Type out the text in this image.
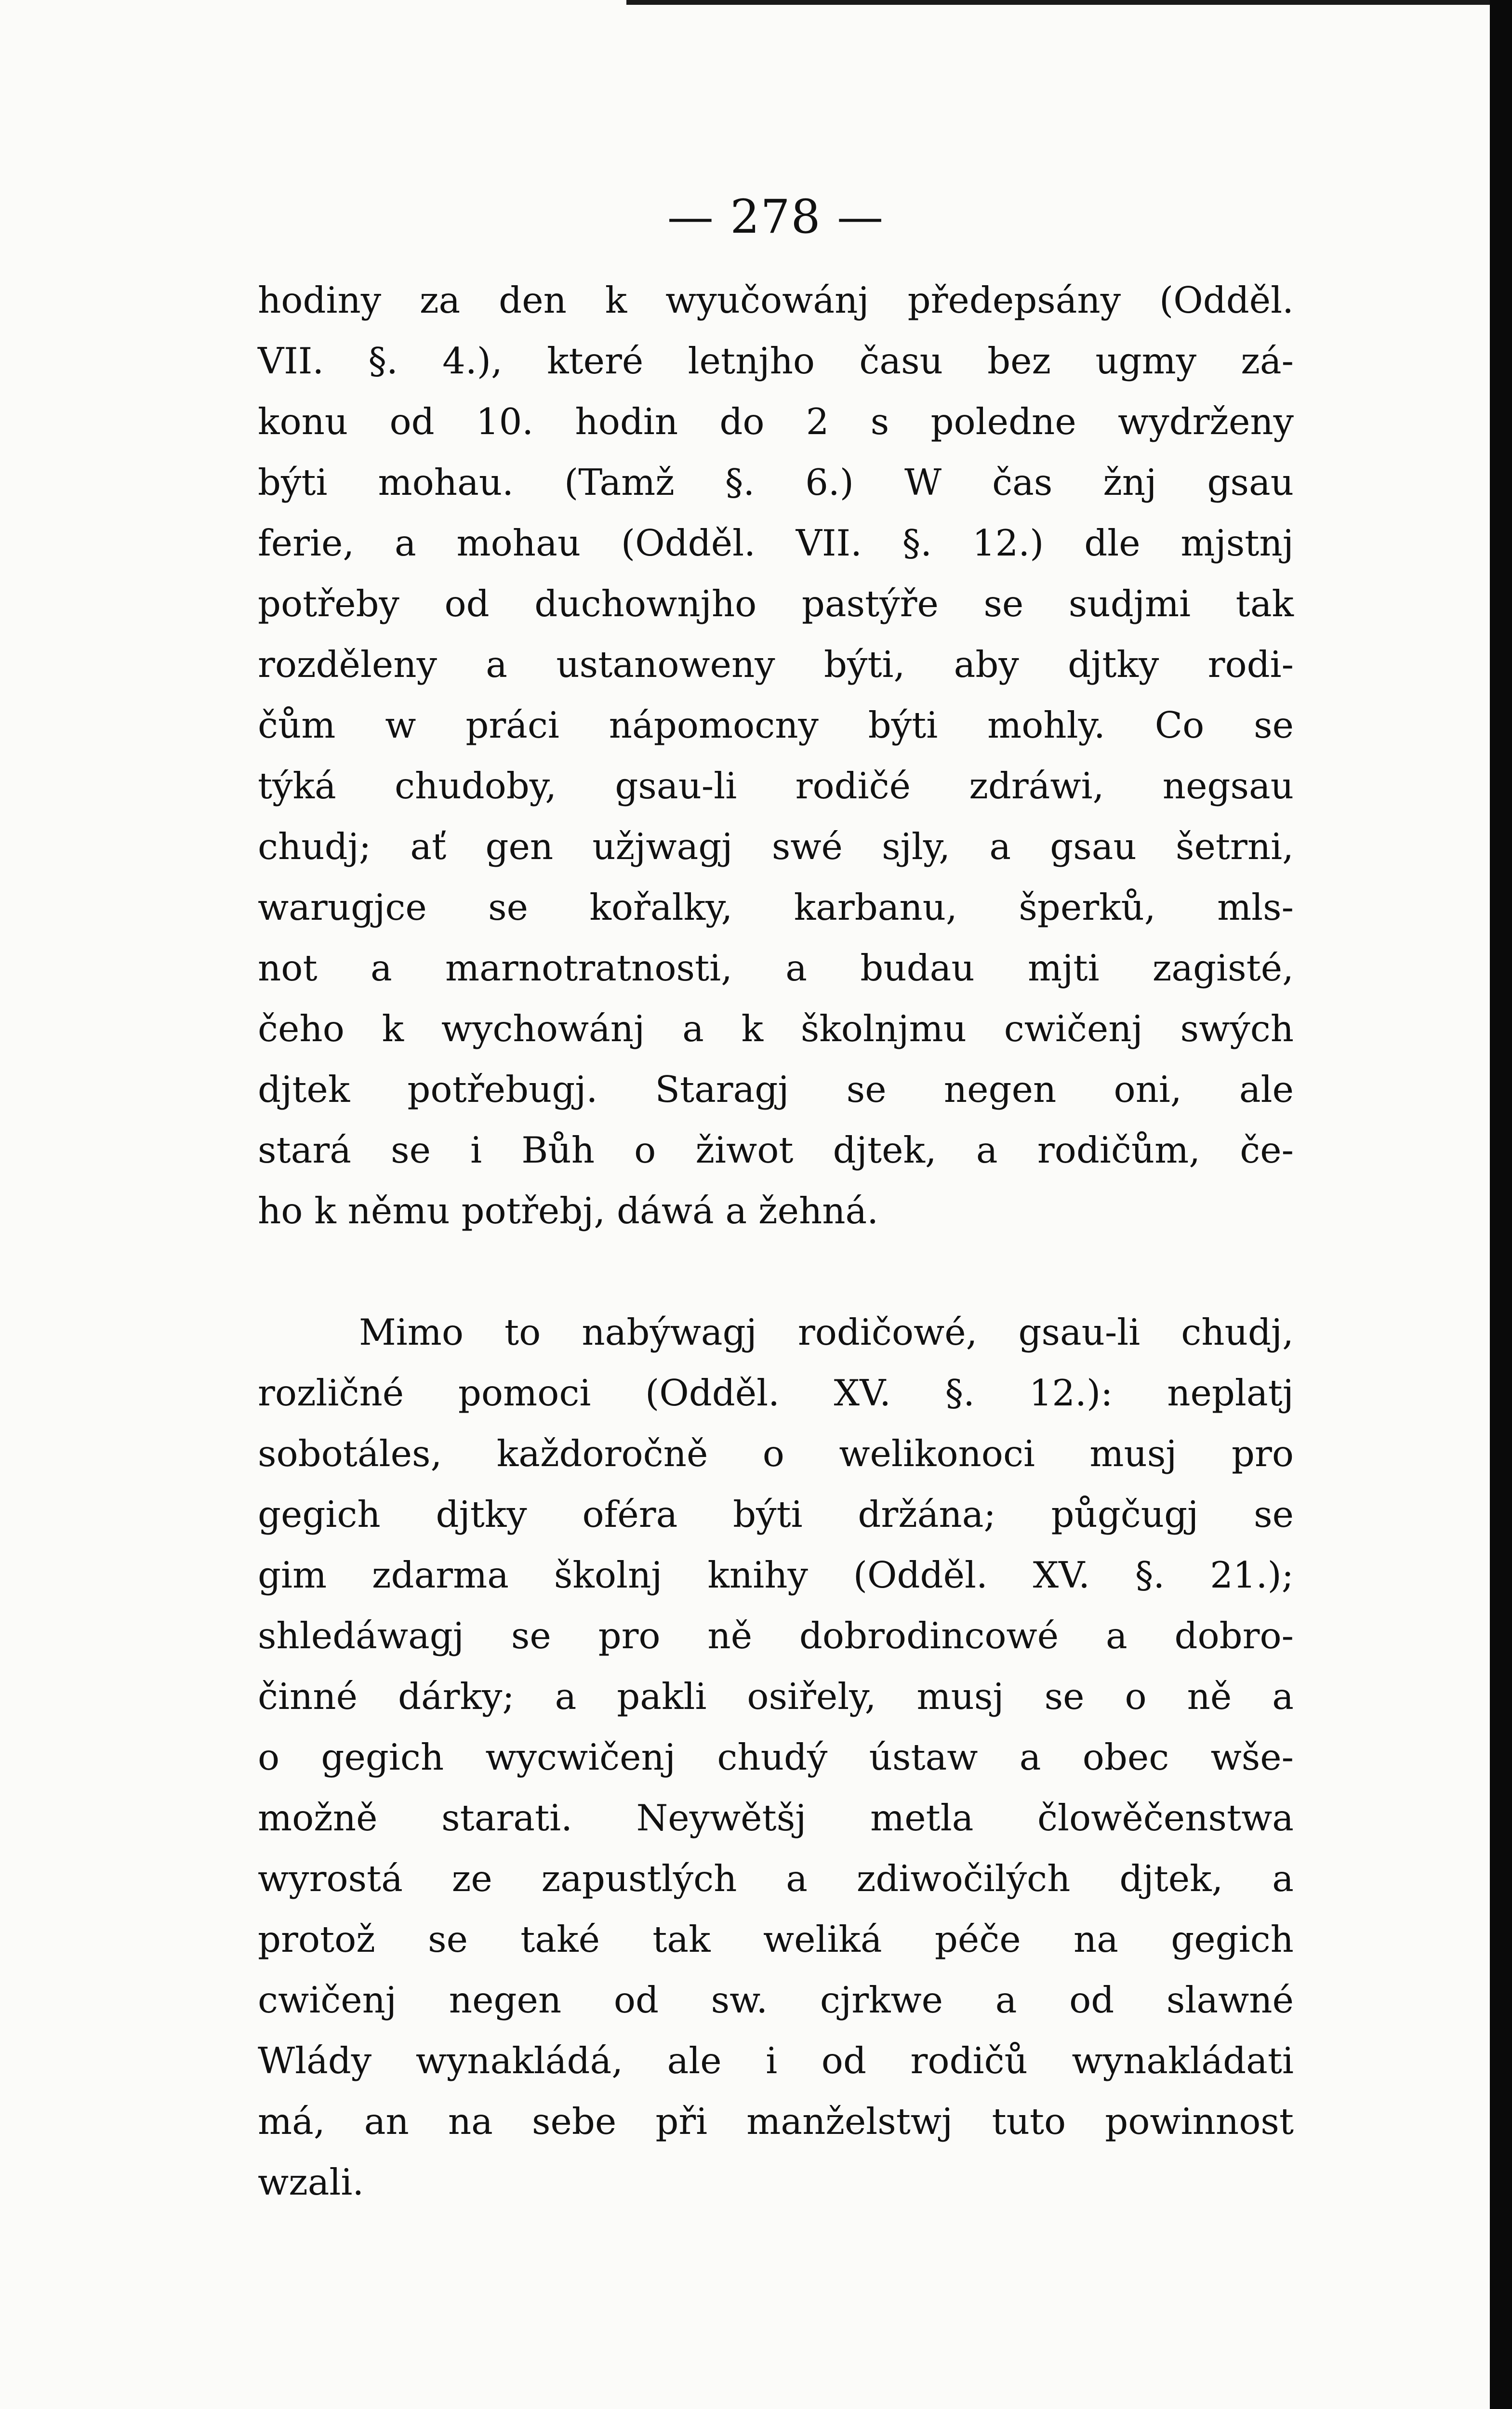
— 278 —
hodiny za den k wyučowánj předepsány (Odděl.
VII. §. 4.), které letnjho času bez ugmy zá-
konu od 10. hodin do 2 s poledne wydrženy
býti mohau. (Tamž §. 6.) W čas žnj gsau
ferie, a mohau (Odděl. VII. §. 12.) dle mjstnj
potřeby od duchownjho pastýře se sudjmi tak
rozděleny a ustanoweny býti, aby djtky rodi-
čům w práci nápomocny býti mohly. Co se
týká chudoby, gsau-li rodičé zdráwi, negsau
chudj; ať gen užjwagj swé sjly, a gsau šetrni,
warugjce se kořalky, karbanu, šperků, mls-
not a marnotratnosti, a budau mjti zagisté,
čeho k wychowánj a k školnjmu cwičenj swých
djtek potřebugj. Staragj se negen oni, ale
stará se i Bůh o žiwot djtek, a rodičům, če-
ho k němu potřebj, dáwá a žehná.
Mimo to nabýwagj rodičowé, gsau-li chudj,
rozličné pomoci (Odděl. XV. §. 12.): neplatj
sobotáles, každoročně o welikonoci musj pro
gegich djtky oféra býti držána; půgčugj se
gim zdarma školnj knihy (Odděl. XV. §. 21.);
shledáwagj se pro ně dobrodincowé a dobro-
činné dárky; a pakli osiřely, musj se o ně a
o gegich wycwičenj chudý ústaw a obec wše-
možně starati. Neywětšj metla člowěčenstwa
wyrostá ze zapustlých a zdiwočilých djtek, a
protož se také tak weliká péče na gegich
cwičenj negen od sw. cjrkwe a od slawné
Wlády wynakládá, ale i od rodičů wynakládati
má, an na sebe při manželstwj tuto powinnost
wzali.
